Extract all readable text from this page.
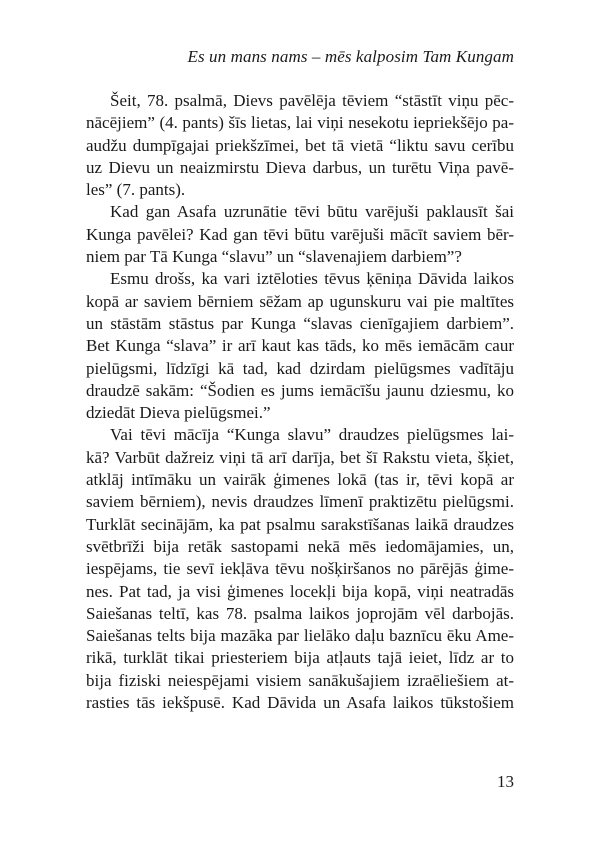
Es un mans nams – mēs kalposim Tam Kungam
Šeit, 78. psalmā, Dievs pavēlēja tēviem “stāstīt viņu pēc-
nācējiem” (4. pants) šīs lietas, lai viņi nesekotu iepriekšējo pa-
audžu dumpīgajai priekšzīmei, bet tā vietā “liktu savu cerību
uz Dievu un neaizmirstu Dieva darbus, un turētu Viņa pavē-
les” (7. pants).
Kad gan Asafa uzrunātie tēvi būtu varējuši paklausīt šai
Kunga pavēlei? Kad gan tēvi būtu varējuši mācīt saviem bēr-
niem par Tā Kunga “slavu” un “slavenajiem darbiem”?
Esmu drošs, ka vari iztēloties tēvus ķēniņa Dāvida laikos
kopā ar saviem bērniem sēžam ap ugunskuru vai pie maltītes
un stāstām stāstus par Kunga “slavas cienīgajiem darbiem”.
Bet Kunga “slava” ir arī kaut kas tāds, ko mēs iemācām caur
pielūgsmi, līdzīgi kā tad, kad dzirdam pielūgsmes vadītāju
draudzē sakām: “Šodien es jums iemācīšu jaunu dziesmu, ko
dziedāt Dieva pielūgsmei.”
Vai tēvi mācīja “Kunga slavu” draudzes pielūgsmes lai-
kā? Varbūt dažreiz viņi tā arī darīja, bet šī Rakstu vieta, šķiet,
atklāj intīmāku un vairāk ģimenes lokā (tas ir, tēvi kopā ar
saviem bērniem), nevis draudzes līmenī praktizētu pielūgsmi.
Turklāt secinājām, ka pat psalmu sarakstīšanas laikā draudzes
svētbrīži bija retāk sastopami nekā mēs iedomājamies, un,
iespējams, tie sevī iekļāva tēvu nošķiršanos no pārējās ģime-
nes. Pat tad, ja visi ģimenes locekļi bija kopā, viņi neatradās
Saiešanas teltī, kas 78. psalma laikos joprojām vēl darbojās.
Saiešanas telts bija mazāka par lielāko daļu baznīcu ēku Ame-
rikā, turklāt tikai priesteriem bija atļauts tajā ieiet, līdz ar to
bija fiziski neiespējami visiem sanākušajiem izraēliešiem at-
rasties tās iekšpusē. Kad Dāvida un Asafa laikos tūkstošiem
13
